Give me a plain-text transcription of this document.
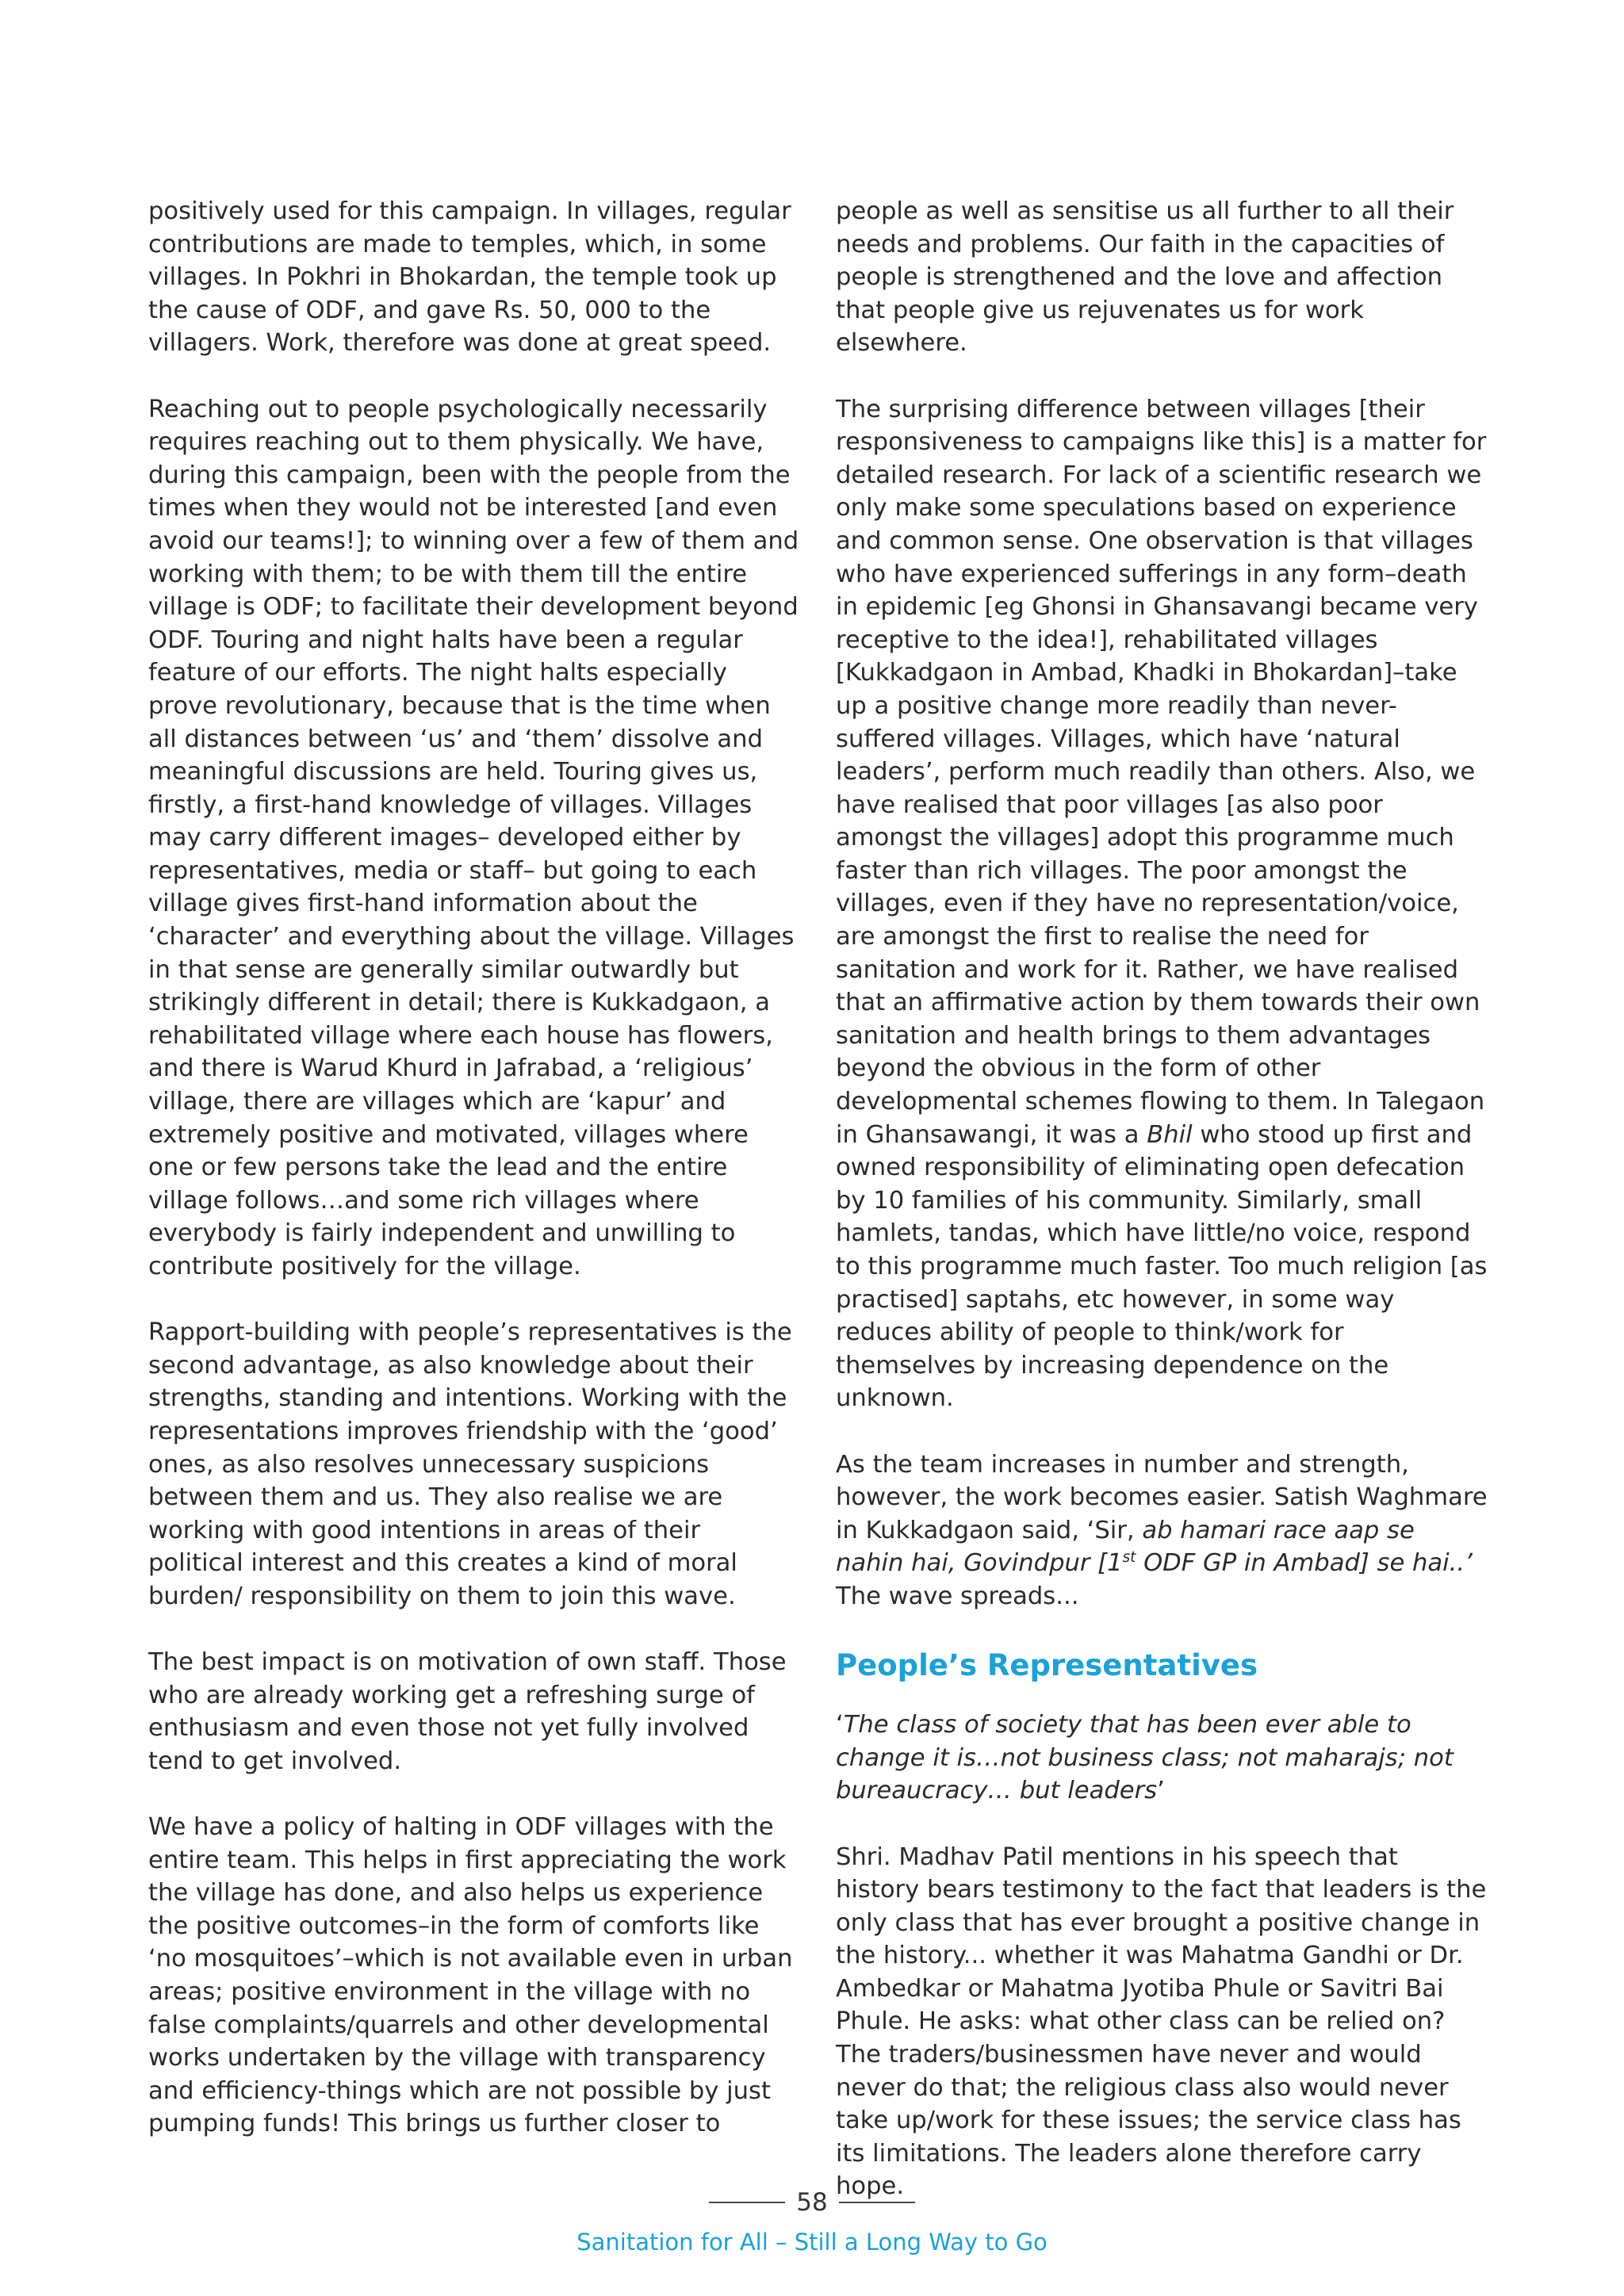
positively used for this campaign. In villages, regular contributions are made to temples, which, in some villages. In Pokhri in Bhokardan, the temple took up the cause of ODF, and gave Rs. 50, 000 to the villagers. Work, therefore was done at great speed.

Reaching out to people psychologically necessarily requires reaching out to them physically. We have, during this campaign, been with the people from the times when they would not be interested [and even avoid our teams!]; to winning over a few of them and working with them; to be with them till the entire village is ODF; to facilitate their development beyond ODF. Touring and night halts have been a regular feature of our efforts. The night halts especially prove revolutionary, because that is the time when all distances between ‘us’ and ‘them’ dissolve and meaningful discussions are held. Touring gives us, firstly, a first-hand knowledge of villages. Villages may carry different images– developed either by representatives, media or staff– but going to each village gives first-hand information about the ‘character’ and everything about the village. Villages in that sense are generally similar outwardly but strikingly different in detail; there is Kukkadgaon, a rehabilitated village where each house has flowers, and there is Warud Khurd in Jafrabad, a ‘religious’ village, there are villages which are ‘kapur’ and extremely positive and motivated, villages where one or few persons take the lead and the entire village follows…and some rich villages where everybody is fairly independent and unwilling to contribute positively for the village.

Rapport-building with people’s representatives is the second advantage, as also knowledge about their strengths, standing and intentions. Working with the representations improves friendship with the ‘good’ ones, as also resolves unnecessary suspicions between them and us. They also realise we are working with good intentions in areas of their political interest and this creates a kind of moral burden/ responsibility on them to join this wave.

The best impact is on motivation of own staff. Those who are already working get a refreshing surge of enthusiasm and even those not yet fully involved tend to get involved.

We have a policy of halting in ODF villages with the entire team. This helps in first appreciating the work the village has done, and also helps us experience the positive outcomes–in the form of comforts like ‘no mosquitoes’–which is not available even in urban areas; positive environment in the village with no false complaints/quarrels and other developmental works undertaken by the village with transparency and efficiency-things which are not possible by just pumping funds! This brings us further closer to

people as well as sensitise us all further to all their needs and problems. Our faith in the capacities of people is strengthened and the love and affection that people give us rejuvenates us for work elsewhere.

The surprising difference between villages [their responsiveness to campaigns like this] is a matter for detailed research. For lack of a scientific research we only make some speculations based on experience and common sense. One observation is that villages who have experienced sufferings in any form–death in epidemic [eg Ghonsi in Ghansavangi became very receptive to the idea!], rehabilitated villages [Kukkadgaon in Ambad, Khadki in Bhokardan]–take up a positive change more readily than never-suffered villages. Villages, which have ‘natural leaders’, perform much readily than others. Also, we have realised that poor villages [as also poor amongst the villages] adopt this programme much faster than rich villages. The poor amongst the villages, even if they have no representation/voice, are amongst the first to realise the need for sanitation and work for it. Rather, we have realised that an affirmative action by them towards their own sanitation and health brings to them advantages beyond the obvious in the form of other developmental schemes flowing to them. In Talegaon in Ghansawangi, it was a Bhil who stood up first and owned responsibility of eliminating open defecation by 10 families of his community. Similarly, small hamlets, tandas, which have little/no voice, respond to this programme much faster. Too much religion [as practised] saptahs, etc however, in some way reduces ability of people to think/work for themselves by increasing dependence on the unknown.

As the team increases in number and strength, however, the work becomes easier. Satish Waghmare in Kukkadgaon said, ‘Sir, ab hamari race aap se nahin hai, Govindpur [1st ODF GP in Ambad] se hai..’ The wave spreads...

People’s Representatives

‘The class of society that has been ever able to change it is…not business class; not maharajs; not bureaucracy… but leaders’

Shri. Madhav Patil mentions in his speech that history bears testimony to the fact that leaders is the only class that has ever brought a positive change in the history... whether it was Mahatma Gandhi or Dr. Ambedkar or Mahatma Jyotiba Phule or Savitri Bai Phule. He asks: what other class can be relied on? The traders/businessmen have never and would never do that; the religious class also would never take up/work for these issues; the service class has its limitations. The leaders alone therefore carry hope.

58
Sanitation for All – Still a Long Way to Go
